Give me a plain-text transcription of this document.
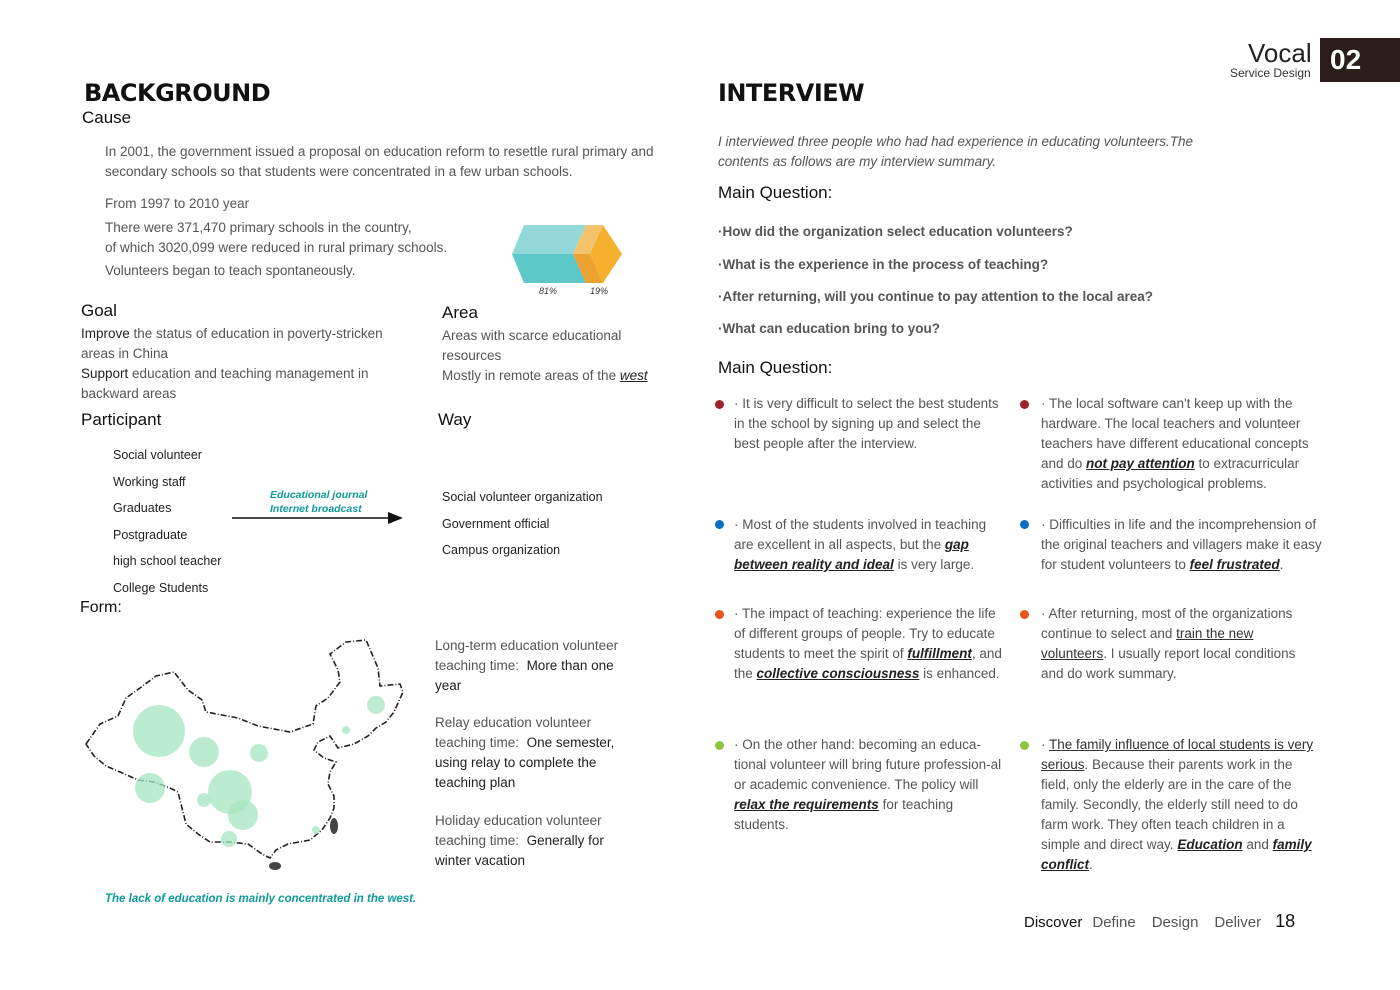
Vocal
Service Design 02
BACKGROUND
Cause
In 2001, the government issued a proposal on education reform to resettle rural primary and secondary schools so that students were concentrated in a few urban schools.
From 1997 to 2010 year
There were 371,470 primary schools in the country,
of which 3020,099 were reduced in rural primary schools.
Volunteers began to teach spontaneously.
81%	19%
Goal
Improve the status of education in poverty-stricken areas in China
Support education and teaching management in backward areas
Area
Areas with scarce educational resources
Mostly in remote areas of the west
Participant
Social volunteer
Working staff
Graduates
Postgraduate
high school teacher
College Students
Way
Educational journal
Internet broadcast
Social volunteer organization
Government official
Campus organization
Form:
The lack of education is mainly concentrated in the west.
Long-term education volunteer
teaching time: More than one year
Relay education volunteer
teaching time: One semester, using relay to complete the teaching plan
Holiday education volunteer
teaching time: Generally for winter vacation
INTERVIEW
I interviewed three people who had had experience in educating volunteers.The contents as follows are my interview summary.
Main Question:
·How did the organization select education volunteers?
·What is the experience in the process of teaching?
·After returning, will you continue to pay attention to the local area?
·What can education bring to you?
Main Question:
· It is very difficult to select the best students in the school by signing up and select the best people after the interview.
· The local software can't keep up with the hardware. The local teachers and volunteer teachers have different educational concepts and do not pay attention to extracurricular activities and psychological problems.
· Most of the students involved in teaching are excellent in all aspects, but the gap between reality and ideal is very large.
· Difficulties in life and the incomprehension of the original teachers and villagers make it easy for student volunteers to feel frustrated.
· The impact of teaching: experience the life of different groups of people. Try to educate students to meet the spirit of fulfillment, and the collective consciousness is enhanced.
· After returning, most of the organizations continue to select and train the new volunteers. I usually report local conditions and do work summary.
· On the other hand: becoming an educa-tional volunteer will bring future profession-al or academic convenience. The policy will relax the requirements for teaching students.
· The family influence of local students is very serious. Because their parents work in the field, only the elderly are in the care of the family. Secondly, the elderly still need to do farm work. They often teach children in a simple and direct way. Education and family conflict.
Discover Define Design Deliver 18
